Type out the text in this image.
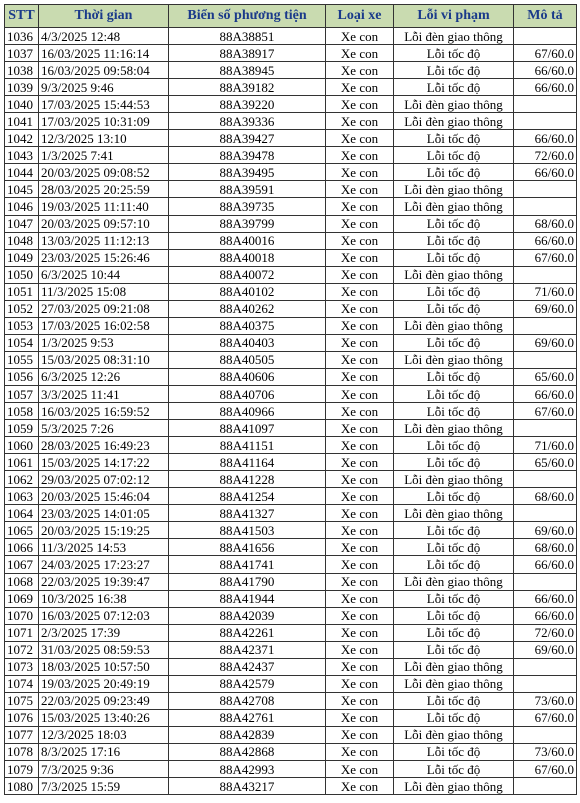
STT	Thời gian	Biển số phương tiện	Loại xe	Lỗi vi phạm	Mô tả
1036	4/3/2025 12:48	88A38851	Xe con	Lỗi đèn giao thông	
1037	16/03/2025 11:16:14	88A38917	Xe con	Lỗi tốc độ	67/60.0
1038	16/03/2025 09:58:04	88A38945	Xe con	Lỗi tốc độ	66/60.0
1039	9/3/2025 9:46	88A39182	Xe con	Lỗi tốc độ	66/60.0
1040	17/03/2025 15:44:53	88A39220	Xe con	Lỗi đèn giao thông	
1041	17/03/2025 10:31:09	88A39336	Xe con	Lỗi đèn giao thông	
1042	12/3/2025 13:10	88A39427	Xe con	Lỗi tốc độ	66/60.0
1043	1/3/2025 7:41	88A39478	Xe con	Lỗi tốc độ	72/60.0
1044	20/03/2025 09:08:52	88A39495	Xe con	Lỗi tốc độ	66/60.0
1045	28/03/2025 20:25:59	88A39591	Xe con	Lỗi đèn giao thông	
1046	19/03/2025 11:11:40	88A39735	Xe con	Lỗi đèn giao thông	
1047	20/03/2025 09:57:10	88A39799	Xe con	Lỗi tốc độ	68/60.0
1048	13/03/2025 11:12:13	88A40016	Xe con	Lỗi tốc độ	66/60.0
1049	23/03/2025 15:26:46	88A40018	Xe con	Lỗi tốc độ	67/60.0
1050	6/3/2025 10:44	88A40072	Xe con	Lỗi đèn giao thông	
1051	11/3/2025 15:08	88A40102	Xe con	Lỗi tốc độ	71/60.0
1052	27/03/2025 09:21:08	88A40262	Xe con	Lỗi tốc độ	69/60.0
1053	17/03/2025 16:02:58	88A40375	Xe con	Lỗi đèn giao thông	
1054	1/3/2025 9:53	88A40403	Xe con	Lỗi tốc độ	69/60.0
1055	15/03/2025 08:31:10	88A40505	Xe con	Lỗi đèn giao thông	
1056	6/3/2025 12:26	88A40606	Xe con	Lỗi tốc độ	65/60.0
1057	3/3/2025 11:41	88A40706	Xe con	Lỗi tốc độ	66/60.0
1058	16/03/2025 16:59:52	88A40966	Xe con	Lỗi tốc độ	67/60.0
1059	5/3/2025 7:26	88A41097	Xe con	Lỗi đèn giao thông	
1060	28/03/2025 16:49:23	88A41151	Xe con	Lỗi tốc độ	71/60.0
1061	15/03/2025 14:17:22	88A41164	Xe con	Lỗi tốc độ	65/60.0
1062	29/03/2025 07:02:12	88A41228	Xe con	Lỗi đèn giao thông	
1063	20/03/2025 15:46:04	88A41254	Xe con	Lỗi tốc độ	68/60.0
1064	23/03/2025 14:01:05	88A41327	Xe con	Lỗi đèn giao thông	
1065	20/03/2025 15:19:25	88A41503	Xe con	Lỗi tốc độ	69/60.0
1066	11/3/2025 14:53	88A41656	Xe con	Lỗi tốc độ	68/60.0
1067	24/03/2025 17:23:27	88A41741	Xe con	Lỗi tốc độ	66/60.0
1068	22/03/2025 19:39:47	88A41790	Xe con	Lỗi đèn giao thông	
1069	10/3/2025 16:38	88A41944	Xe con	Lỗi tốc độ	66/60.0
1070	16/03/2025 07:12:03	88A42039	Xe con	Lỗi tốc độ	66/60.0
1071	2/3/2025 17:39	88A42261	Xe con	Lỗi tốc độ	72/60.0
1072	31/03/2025 08:59:53	88A42371	Xe con	Lỗi tốc độ	69/60.0
1073	18/03/2025 10:57:50	88A42437	Xe con	Lỗi đèn giao thông	
1074	19/03/2025 20:49:19	88A42579	Xe con	Lỗi đèn giao thông	
1075	22/03/2025 09:23:49	88A42708	Xe con	Lỗi tốc độ	73/60.0
1076	15/03/2025 13:40:26	88A42761	Xe con	Lỗi tốc độ	67/60.0
1077	12/3/2025 18:03	88A42839	Xe con	Lỗi đèn giao thông	
1078	8/3/2025 17:16	88A42868	Xe con	Lỗi tốc độ	73/60.0
1079	7/3/2025 9:36	88A42993	Xe con	Lỗi tốc độ	67/60.0
1080	7/3/2025 15:59	88A43217	Xe con	Lỗi đèn giao thông	
